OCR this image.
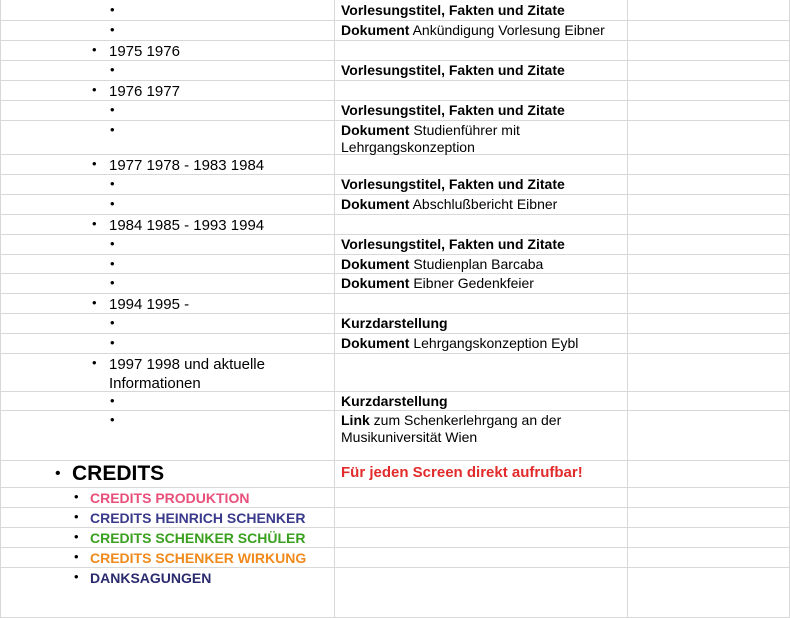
•	Vorlesungstitel, Fakten und Zitate
•	Dokument Ankündigung Vorlesung Eibner
• 1975 1976
•	Vorlesungstitel, Fakten und Zitate
• 1976 1977
•	Vorlesungstitel, Fakten und Zitate
•	Dokument Studienführer mit Lehrgangskonzeption
• 1977 1978 - 1983 1984
•	Vorlesungstitel, Fakten und Zitate
•	Dokument Abschlußbericht Eibner
• 1984 1985 - 1993 1994
•	Vorlesungstitel, Fakten und Zitate
•	Dokument Studienplan Barcaba
•	Dokument Eibner Gedenkfeier
• 1994 1995 -
•	Kurzdarstellung
•	Dokument Lehrgangskonzeption Eybl
• 1997 1998 und aktuelle Informationen
•	Kurzdarstellung
•	Link zum Schenkerlehrgang an der Musikuniversität Wien
• CREDITS	Für jeden Screen direkt aufrufbar!
• CREDITS PRODUKTION
• CREDITS HEINRICH SCHENKER
• CREDITS SCHENKER SCHÜLER
• CREDITS SCHENKER WIRKUNG
• DANKSAGUNGEN
